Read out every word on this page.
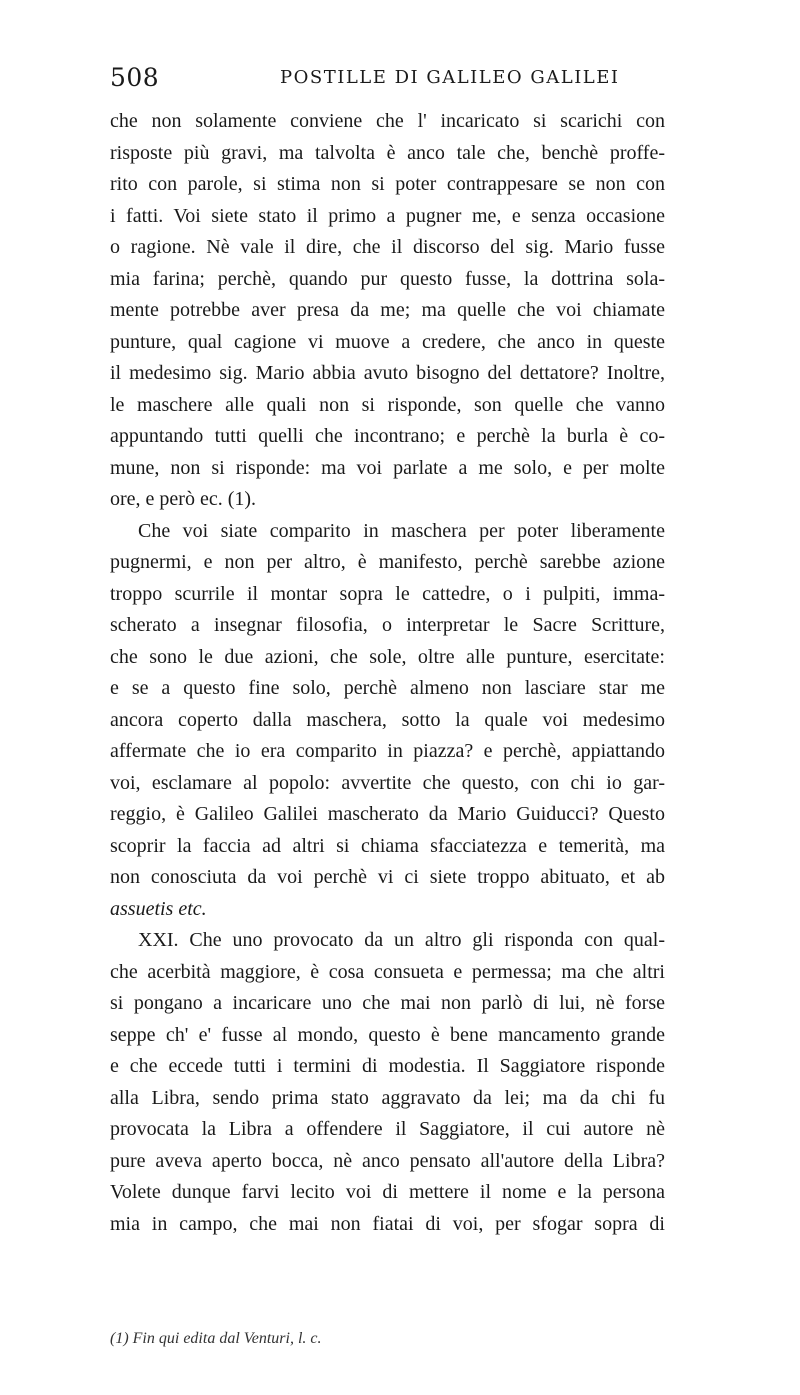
508	POSTILLE DI GALILEO GALILEI
che non solamente conviene che l' incaricato si scarichi con
risposte più gravi, ma talvolta è anco tale che, benchè proffe-
rito con parole, si stima non si poter contrappesare se non con
i fatti. Voi siete stato il primo a pugner me, e senza occasione
o ragione. Nè vale il dire, che il discorso del sig. Mario fusse
mia farina; perchè, quando pur questo fusse, la dottrina sola-
mente potrebbe aver presa da me; ma quelle che voi chiamate
punture, qual cagione vi muove a credere, che anco in queste
il medesimo sig. Mario abbia avuto bisogno del dettatore? Inoltre,
le maschere alle quali non si risponde, son quelle che vanno
appuntando tutti quelli che incontrano; e perchè la burla è co-
mune, non si risponde: ma voi parlate a me solo, e per molte
ore, e però ec. (1).
Che voi siate comparito in maschera per poter liberamente
pugnermi, e non per altro, è manifesto, perchè sarebbe azione
troppo scurrile il montar sopra le cattedre, o i pulpiti, imma-
scherato a insegnar filosofia, o interpretar le Sacre Scritture,
che sono le due azioni, che sole, oltre alle punture, esercitate:
e se a questo fine solo, perchè almeno non lasciare star me
ancora coperto dalla maschera, sotto la quale voi medesimo
affermate che io era comparito in piazza? e perchè, appiattando
voi, esclamare al popolo: avvertite che questo, con chi io gar-
reggio, è Galileo Galilei mascherato da Mario Guiducci? Questo
scoprir la faccia ad altri si chiama sfacciatezza e temerità, ma
non conosciuta da voi perchè vi ci siete troppo abituato, et ab
assuetis etc.
XXI. Che uno provocato da un altro gli risponda con qual-
che acerbità maggiore, è cosa consueta e permessa; ma che altri
si pongano a incaricare uno che mai non parlò di lui, nè forse
seppe ch' e' fusse al mondo, questo è bene mancamento grande
e che eccede tutti i termini di modestia. Il Saggiatore risponde
alla Libra, sendo prima stato aggravato da lei; ma da chi fu
provocata la Libra a offendere il Saggiatore, il cui autore nè
pure aveva aperto bocca, nè anco pensato all'autore della Libra?
Volete dunque farvi lecito voi di mettere il nome e la persona
mia in campo, che mai non fiatai di voi, per sfogar sopra di
(1) Fin qui edita dal Venturi, l. c.
